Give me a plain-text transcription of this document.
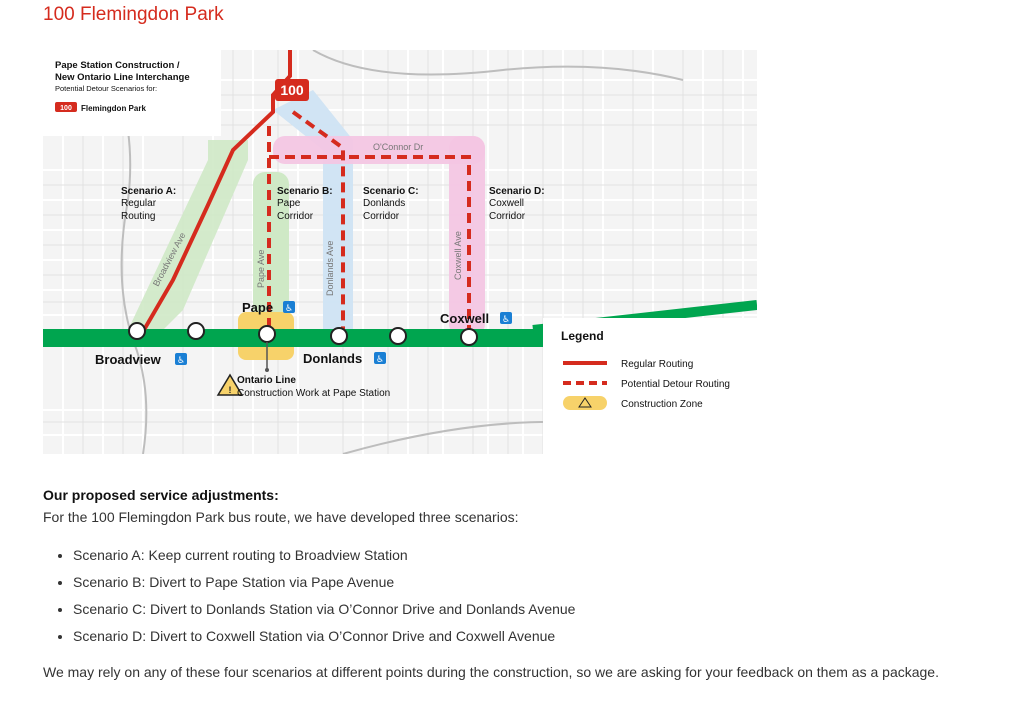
100 Flemingdon Park
Pape Station Construction /
New Ontario Line Interchange
Potential Detour Scenarios for:
100 Flemingdon Park
100
O'Connor Dr
Broadview Ave	Pape Ave	Donlands Ave	Coxwell Ave
Scenario A:
Regular
Routing
Scenario B:
Pape
Corridor
Scenario C:
Donlands
Corridor
Scenario D:
Coxwell
Corridor
Broadview ♿
Pape ♿
Donlands ♿
Coxwell ♿
!
Ontario Line
Construction Work at Pape Station
Legend
Regular Routing
Potential Detour Routing
Construction Zone
Our proposed service adjustments:

For the 100 Flemingdon Park bus route, we have developed three scenarios:

• Scenario A: Keep current routing to Broadview Station
• Scenario B: Divert to Pape Station via Pape Avenue
• Scenario C: Divert to Donlands Station via O’Connor Drive and Donlands Avenue
• Scenario D: Divert to Coxwell Station via O’Connor Drive and Coxwell Avenue

We may rely on any of these four scenarios at different points during the construction, so we are asking for your feedback on them as a package.
